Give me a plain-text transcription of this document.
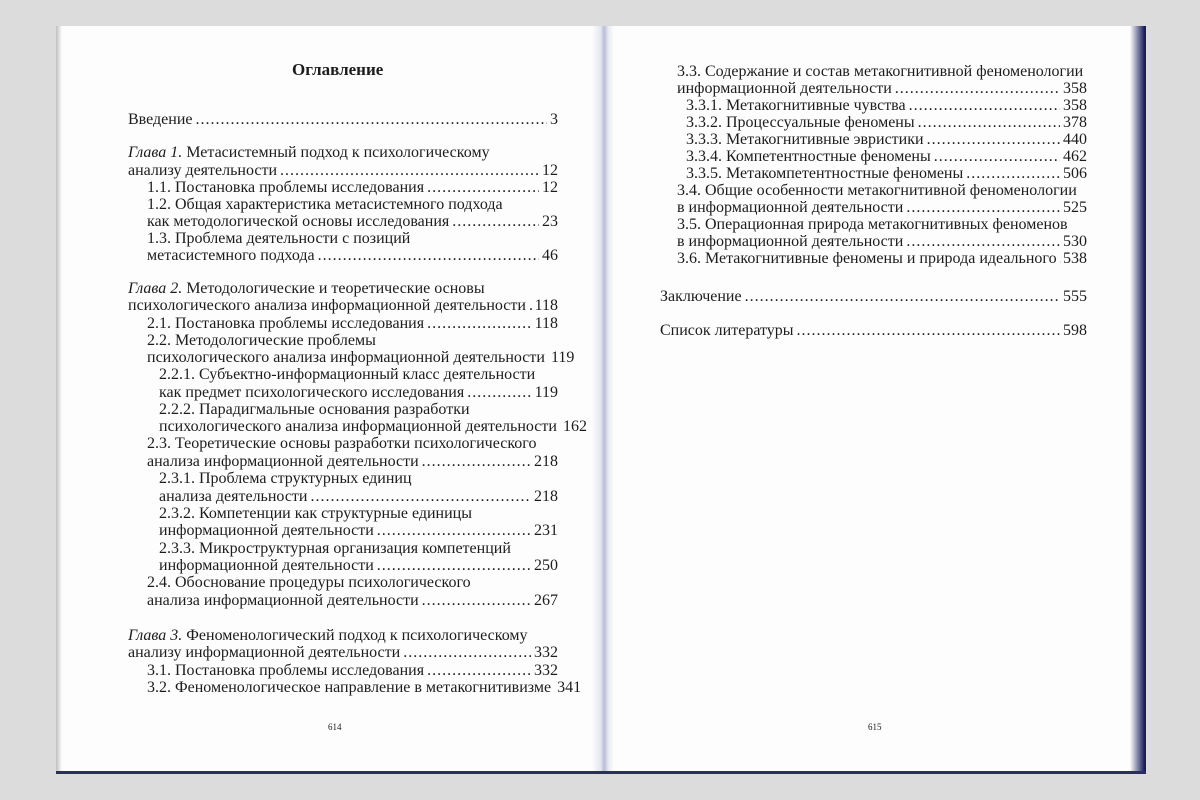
Оглавление
Введение .....	3
Глава 1. Метасистемный подход к психологическому
анализу деятельности .....	12
1.1. Постановка проблемы исследования .....	12
1.2. Общая характеристика метасистемного подхода
как методологической основы исследования .....	23
1.3. Проблема деятельности с позиций
метасистемного подхода .....	46
Глава 2. Методологические и теоретические основы
психологического анализа информационной деятельности ..... 118
2.1. Постановка проблемы исследования .....	118
2.2. Методологические проблемы
психологического анализа информационной деятельности 119
2.2.1. Субъектно-информационный класс деятельности
как предмет психологического исследования .....	119
2.2.2. Парадигмальные основания разработки
психологического анализа информационной деятельности 162
2.3. Теоретические основы разработки психологического
анализа информационной деятельности .....	218
2.3.1. Проблема структурных единиц
анализа деятельности .....	218
2.3.2. Компетенции как структурные единицы
информационной деятельности .....	231
2.3.3. Микроструктурная организация компетенций
информационной деятельности .....	250
2.4. Обоснование процедуры психологического
анализа информационной деятельности .....	267
Глава 3. Феноменологический подход к психологическому
анализу информационной деятельности .....	332
3.1. Постановка проблемы исследования .....	332
3.2. Феноменологическое направление в метакогнитивизме 341
614
3.3. Содержание и состав метакогнитивной феноменологии
информационной деятельности .....	358
3.3.1. Метакогнитивные чувства .....	358
3.3.2. Процессуальные феномены .....	378
3.3.3. Метакогнитивные эвристики .....	440
3.3.4. Компетентностные феномены .....	462
3.3.5. Метакомпетентностные феномены .....	506
3.4. Общие особенности метакогнитивной феноменологии
в информационной деятельности .....	525
3.5. Операционная природа метакогнитивных феноменов
в информационной деятельности .....	530
3.6. Метакогнитивные феномены и природа идеального ..... 538
Заключение .....	555
Список литературы .....	598
615
